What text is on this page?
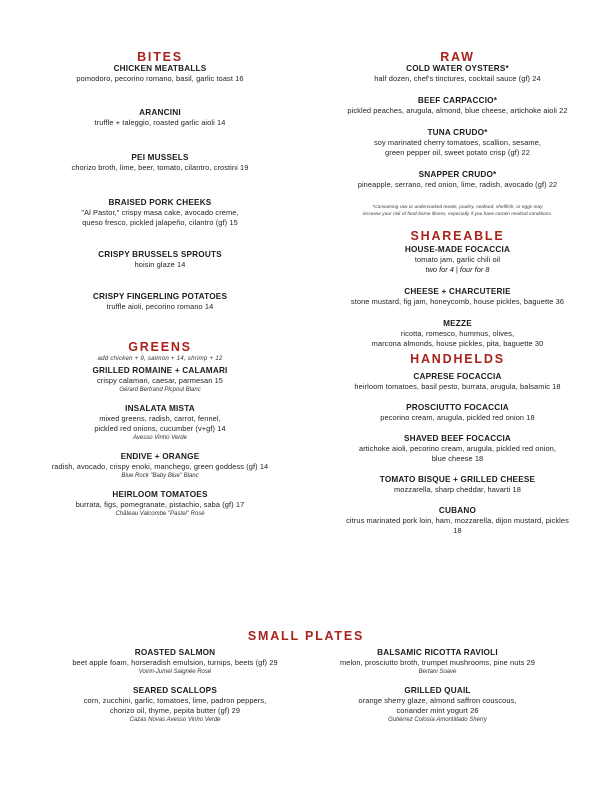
BITES
CHICKEN MEATBALLS
pomodoro, pecorino romano, basil, garlic toast 16
ARANCINI
truffle + taleggio, roasted garlic aioli 14
PEI MUSSELS
chorizo broth, lime, beer, tomato, cilantro, crostini 19
BRAISED PORK CHEEKS
"Al Pastor," crispy masa cake, avocado creme,
queso fresco, pickled jalapeño, cilantro (gf) 15
CRISPY BRUSSELS SPROUTS
hoisin glaze 14
CRISPY FINGERLING POTATOES
truffle aioli, pecorino romano 14
GREENS
add chicken + 9, salmon + 14, shrimp + 12
GRILLED ROMAINE + CALAMARI
crispy calamari, caesar, parmesan 15
Gérard Bertrand Picpoul Blanc
INSALATA MISTA
mixed greens, radish, carrot, fennel,
pickled red onions, cucumber (v+gf) 14
Avesso Vinho Verde
ENDIVE + ORANGE
radish, avocado, crispy enoki, manchego, green goddess (gf) 14
Blue Rock "Baby Blue" Blanc
HEIRLOOM TOMATOES
burrata, figs, pomegranate, pistachio, saba (gf) 17
Château Valcombe "Pastel" Rosé
RAW
COLD WATER OYSTERS*
half dozen, chef's tinctures, cocktail sauce (gf) 24
BEEF CARPACCIO*
pickled peaches, arugula, almond, blue cheese, artichoke aioli 22
TUNA CRUDO*
soy marinated cherry tomatoes, scallion, sesame,
green pepper oil, sweet potato crisp (gf) 22
SNAPPER CRUDO*
pineapple, serrano, red onion, lime, radish, avocado (gf) 22
*Consuming raw or undercooked meats, poultry, seafood, shellfish, or eggs may
increase your risk of food-borne illness, especially if you have certain medical conditions.
SHAREABLE
HOUSE-MADE FOCACCIA
tomato jam, garlic chili oil
two for 4 | four for 8
CHEESE + CHARCUTERIE
stone mustard, fig jam, honeycomb, house pickles, baguette 36
MEZZE
ricotta, romesco, hummus, olives,
marcona almonds, house pickles, pita, baguette 30
HANDHELDS
CAPRESE FOCACCIA
heirloom tomatoes, basil pesto, burrata, arugula, balsamic 18
PROSCIUTTO FOCACCIA
pecorino cream, arugula, pickled red onion 18
SHAVED BEEF FOCACCIA
artichoke aioli, pecorino cream, arugula, pickled red onion,
blue cheese 18
TOMATO BISQUE + GRILLED CHEESE
mozzarella, sharp cheddar, havarti 18
CUBANO
citrus marinated pork loin, ham, mozzarella, dijon mustard, pickles
18
SMALL PLATES
ROASTED SALMON
beet apple foam, horseradish emulsion, turnips, beets (gf) 29
Voirin-Jumel Saignée Rosé
SEARED SCALLOPS
corn, zucchini, garlic, tomatoes, lime, padron peppers,
chorizo oil, thyme, pepita butter (gf) 29
Cazas Novas Avesso Vinho Verde
BALSAMIC RICOTTA RAVIOLI
melon, prosciutto broth, trumpet mushrooms, pine nuts 29
Bertani Soave
GRILLED QUAIL
orange sherry glaze, almond saffron couscous,
coriander mint yogurt 26
Gutiérrez Colosía Amontillado Sherry
